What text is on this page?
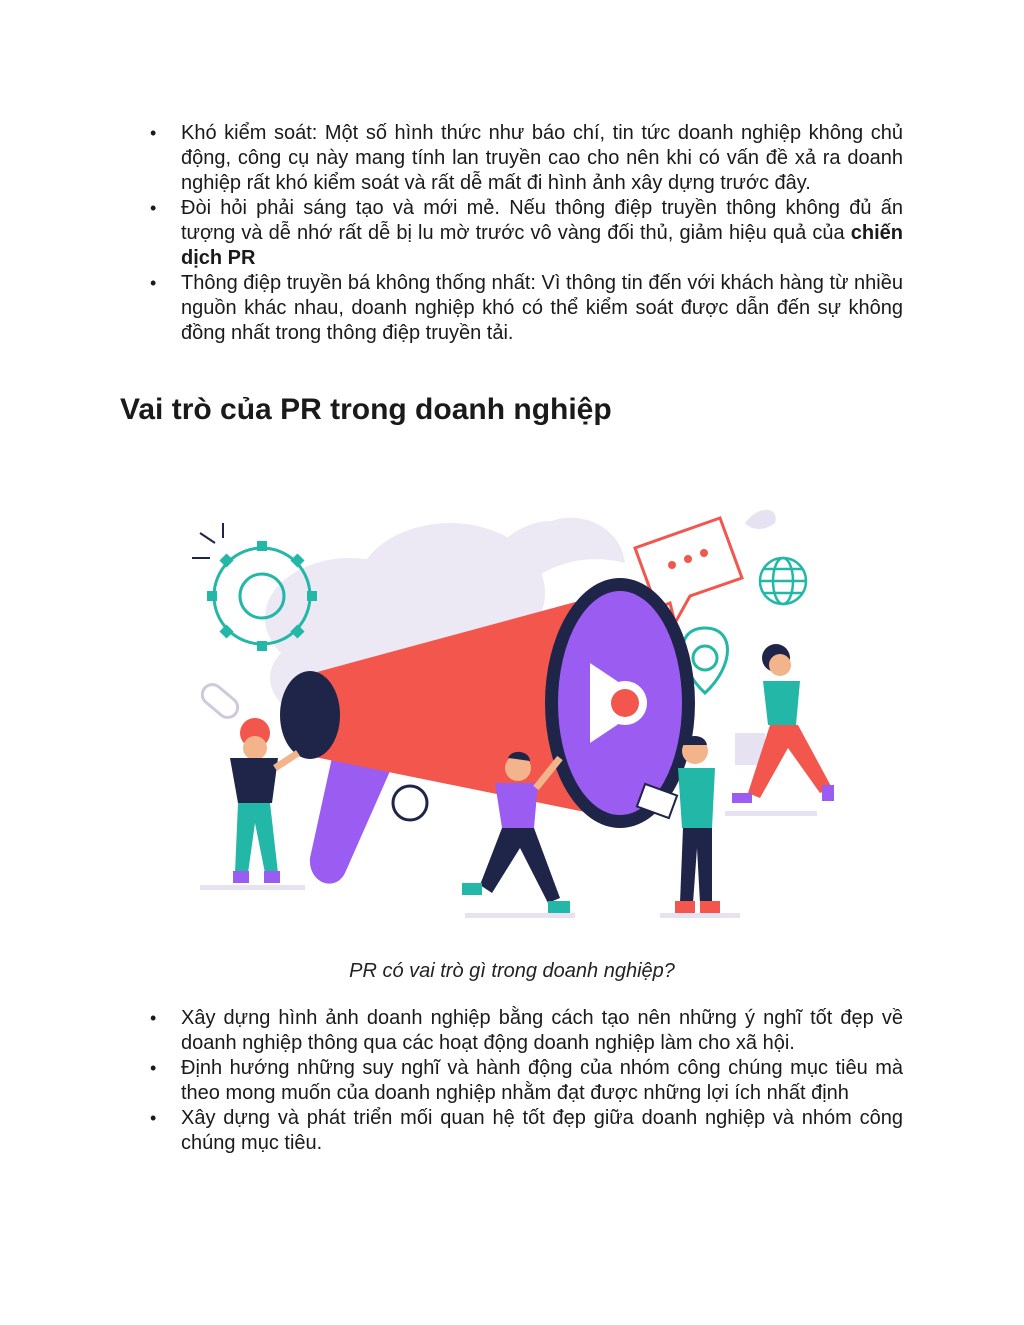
• Khó kiểm soát: Một số hình thức như báo chí, tin tức doanh nghiệp không chủ động, công cụ này mang tính lan truyền cao cho nên khi có vấn đề xả ra doanh nghiệp rất khó kiểm soát và rất dễ mất đi hình ảnh xây dựng trước đây.
• Đòi hỏi phải sáng tạo và mới mẻ. Nếu thông điệp truyền thông không đủ ấn tượng và dễ nhớ rất dễ bị lu mờ trước vô vàng đối thủ, giảm hiệu quả của chiến dịch PR
• Thông điệp truyền bá không thống nhất: Vì thông tin đến với khách hàng từ nhiều nguồn khác nhau, doanh nghiệp khó có thể kiểm soát được dẫn đến sự không đồng nhất trong thông điệp truyền tải.
Vai trò của PR trong doanh nghiệp
PR có vai trò gì trong doanh nghiệp?
• Xây dựng hình ảnh doanh nghiệp bằng cách tạo nên những ý nghĩ tốt đẹp về doanh nghiệp thông qua các hoạt động doanh nghiệp làm cho xã hội.
• Định hướng những suy nghĩ và hành động của nhóm công chúng mục tiêu mà theo mong muốn của doanh nghiệp nhằm đạt được những lợi ích nhất định
• Xây dựng và phát triển mối quan hệ tốt đẹp giữa doanh nghiệp và nhóm công chúng mục tiêu.
